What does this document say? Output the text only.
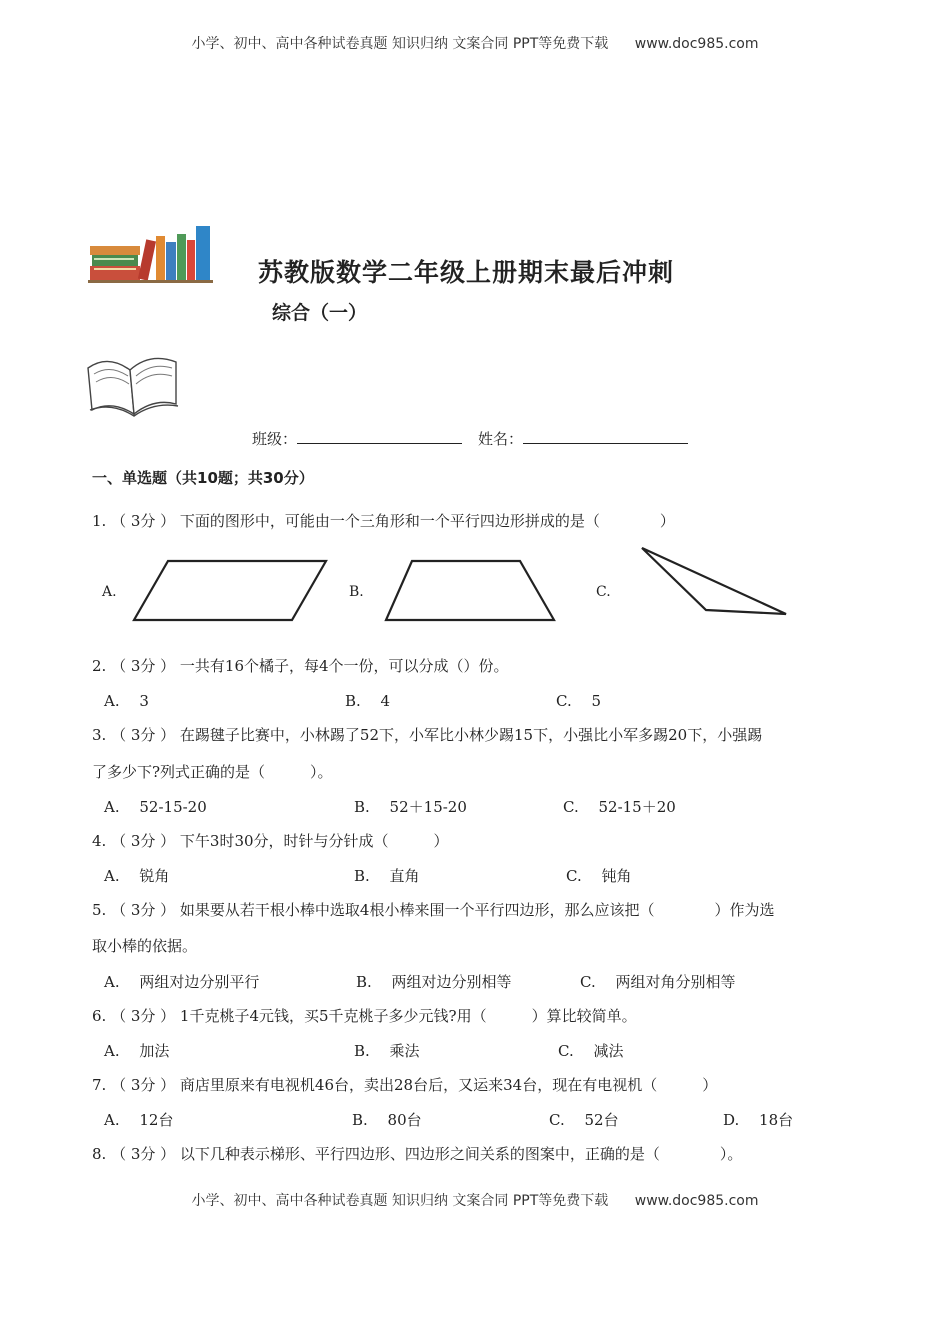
小学、初中、高中各种试卷真题 知识归纳 文案合同 PPT等免费下载 www.doc985.com
苏教版数学二年级上册期末最后冲刺
综合（一）
班级：	姓名：
一、单选题（共10题；共30分）
1. （ 3分 ） 下面的图形中，可能由一个三角形和一个平行四边形拼成的是（　　　　）
A.	B.	C.
2. （ 3分 ） 一共有16个橘子，每4个一份，可以分成（）份。
A.　 3	B.　 4	C.　 5
3. （ 3分 ） 在踢毽子比赛中，小林踢了52下，小军比小林少踢15下，小强比小军多踢20下，小强踢
了多少下?列式正确的是（　　　）。
A.　 52-15-20	B.　 52＋15-20	C.　 52-15＋20
4. （ 3分 ） 下午3时30分，时针与分针成（　　　）
A.　 锐角	B.　 直角	C.　 钝角
5. （ 3分 ） 如果要从若干根小棒中选取4根小棒来围一个平行四边形，那么应该把（　　　　）作为选
取小棒的依据。
A.　 两组对边分别平行	B.　 两组对边分别相等	C.　 两组对角分别相等
6. （ 3分 ） 1千克桃子4元钱，买5千克桃子多少元钱?用（　　　）算比较简单。
A.　 加法	B.　 乘法	C.　 减法
7. （ 3分 ） 商店里原来有电视机46台，卖出28台后，又运来34台，现在有电视机（　　　）
A.　 12台	B.　 80台	C.　 52台	D.　 18台
8. （ 3分 ） 以下几种表示梯形、平行四边形、四边形之间关系的图案中，正确的是（　　　　）。
小学、初中、高中各种试卷真题 知识归纳 文案合同 PPT等免费下载 www.doc985.com
